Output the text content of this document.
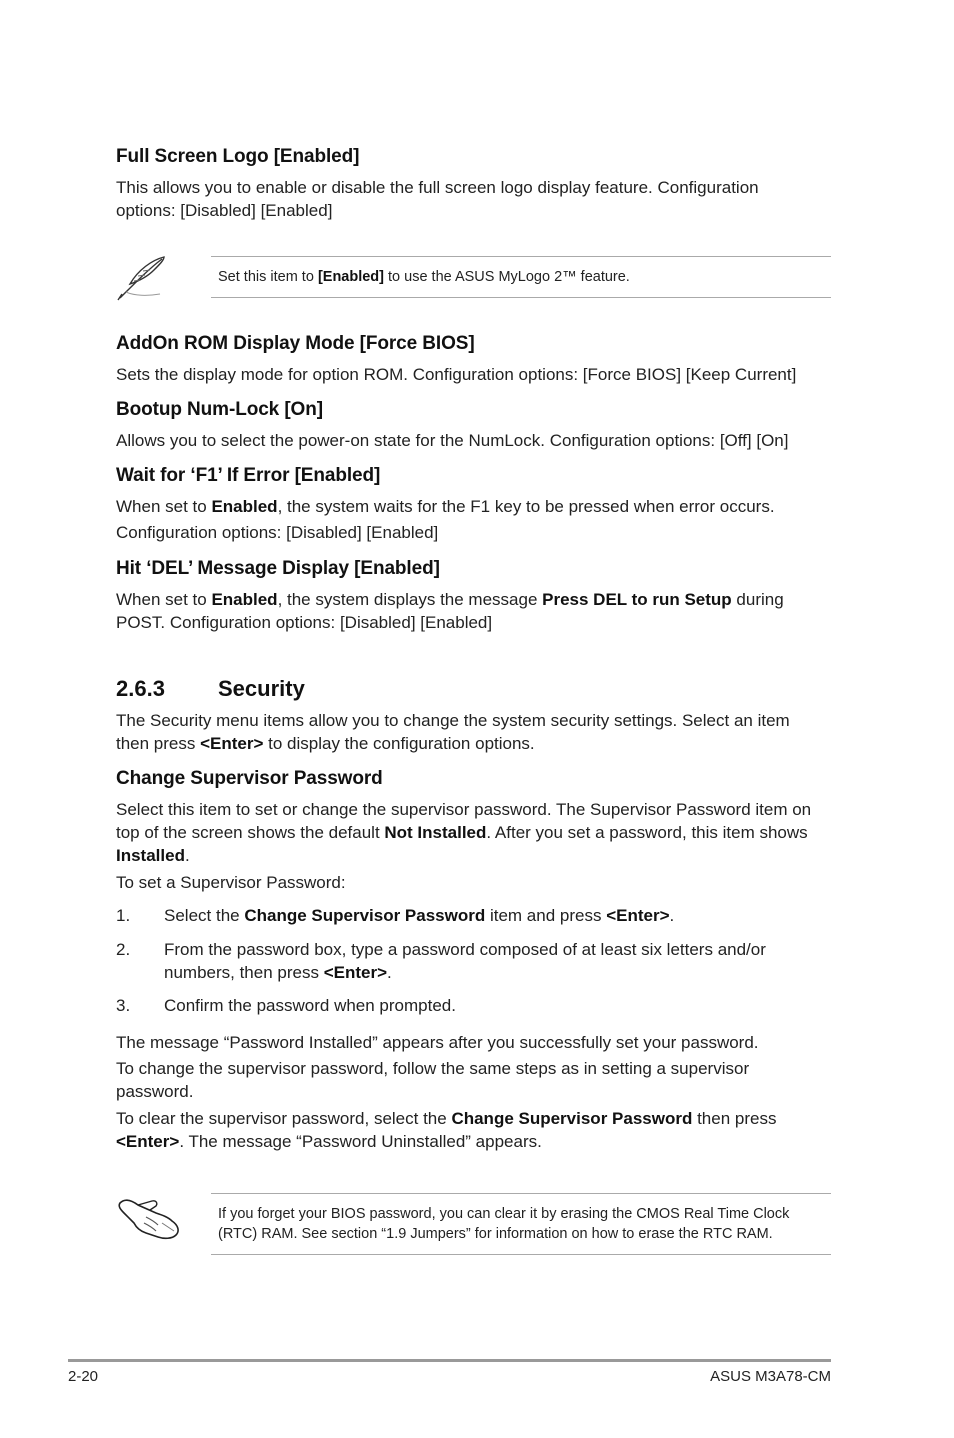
Full Screen Logo [Enabled]

This allows you to enable or disable the full screen logo display feature. Configuration options: [Disabled] [Enabled]

Set this item to [Enabled] to use the ASUS MyLogo 2™ feature.
AddOn ROM Display Mode [Force BIOS]

Sets the display mode for option ROM. Configuration options: [Force BIOS] [Keep Current]

Bootup Num-Lock [On]

Allows you to select the power-on state for the NumLock. Configuration options: [Off] [On]

Wait for ‘F1’ If Error [Enabled]

When set to Enabled, the system waits for the F1 key to be pressed when error occurs.

Configuration options: [Disabled] [Enabled]

Hit ‘DEL’ Message Display [Enabled]

When set to Enabled, the system displays the message Press DEL to run Setup during POST. Configuration options: [Disabled] [Enabled]

2.6.3 Security

The Security menu items allow you to change the system security settings. Select an item then press <Enter> to display the configuration options.

Change Supervisor Password

Select this item to set or change the supervisor password. The Supervisor Password item on top of the screen shows the default Not Installed. After you set a password, this item shows Installed.

To set a Supervisor Password:

1. Select the Change Supervisor Password item and press <Enter>.
2. From the password box, type a password composed of at least six letters and/or numbers, then press <Enter>.
3. Confirm the password when prompted.

The message “Password Installed” appears after you successfully set your password.

To change the supervisor password, follow the same steps as in setting a supervisor password.

To clear the supervisor password, select the Change Supervisor Password then press <Enter>. The message “Password Uninstalled” appears.

If you forget your BIOS password, you can clear it by erasing the CMOS Real Time Clock (RTC) RAM. See section “1.9 Jumpers” for information on how to erase the RTC RAM.
2-20	ASUS M3A78-CM
